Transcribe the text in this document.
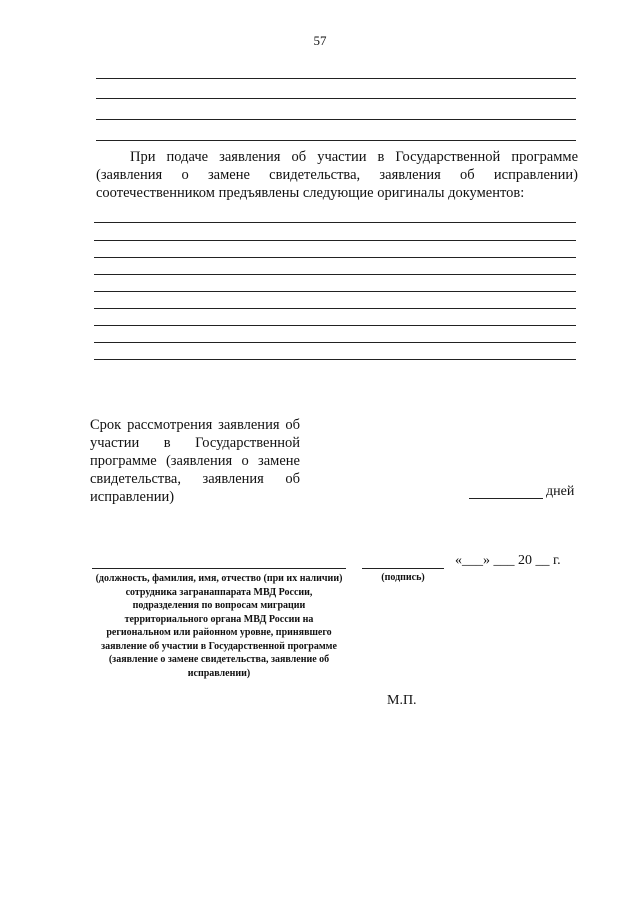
57
При подаче заявления об участии в Государственной программе (заявления о замене свидетельства, заявления об исправлении) соотечественником предъявлены следующие оригиналы документов:
Срок рассмотрения заявления об участии в Государственной программе (заявления о замене свидетельства, заявления об исправлении)	дней
«___» ___ 20 __ г.
(должность, фамилия, имя, отчество (при их наличии) сотрудника загранаппарата МВД России, подразделения по вопросам миграции территориального органа МВД России на региональном или районном уровне, принявшего заявление об участии в Государственной программе (заявление о замене свидетельства, заявление об исправлении)
(подпись)
М.П.
